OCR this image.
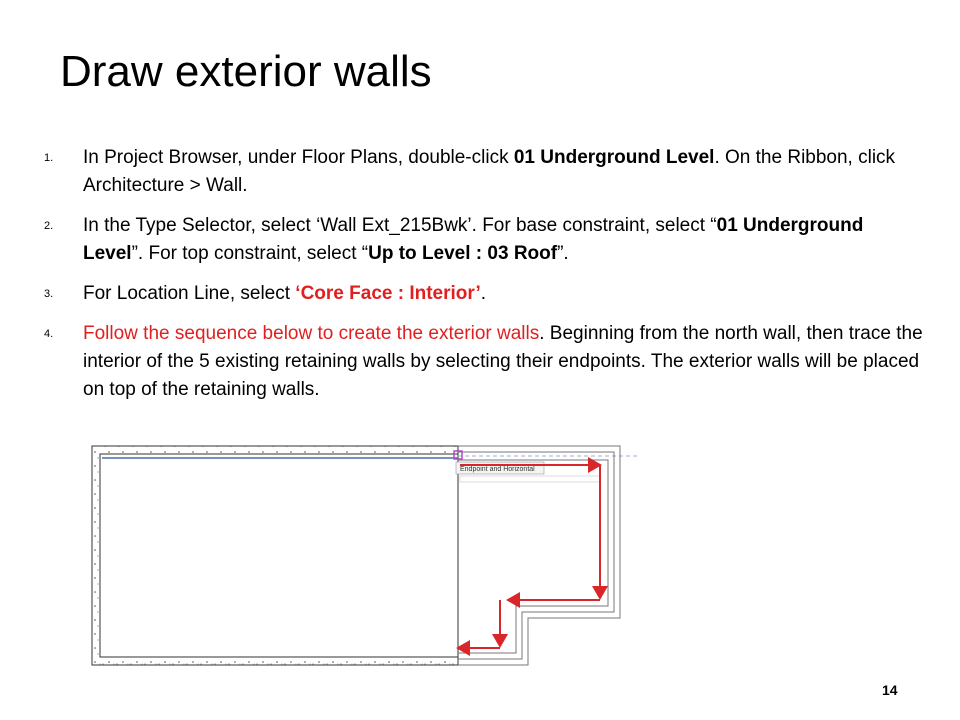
Draw exterior walls
1. In Project Browser, under Floor Plans, double-click 01 Underground Level. On the Ribbon, click Architecture > Wall.
2. In the Type Selector, select ‘Wall Ext_215Bwk’. For base constraint, select “01 Underground Level”. For top constraint, select “Up to Level : 03 Roof”.
3. For Location Line, select ‘Core Face : Interior’.
4. Follow the sequence below to create the exterior walls. Beginning from the north wall, then trace the interior of the 5 existing retaining walls by selecting their endpoints. The exterior walls will be placed on top of the retaining walls.
Endpoint and Horizontal
14
